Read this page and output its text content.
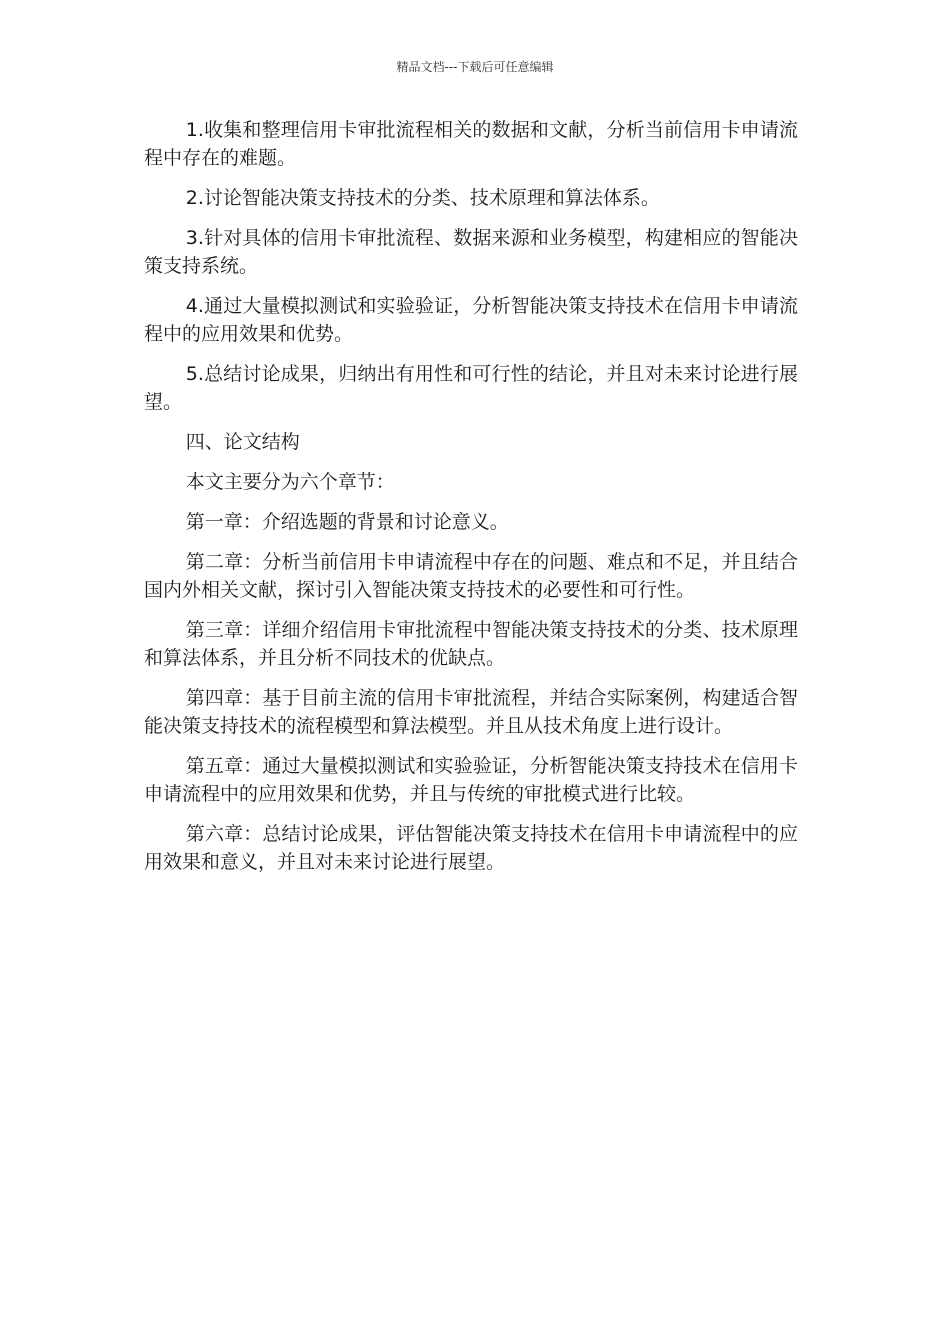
精品文档---下载后可任意编辑

1.收集和整理信用卡审批流程相关的数据和文献，分析当前信用卡申请流程中存在的难题。

2.讨论智能决策支持技术的分类、技术原理和算法体系。

3.针对具体的信用卡审批流程、数据来源和业务模型，构建相应的智能决策支持系统。

4.通过大量模拟测试和实验验证，分析智能决策支持技术在信用卡申请流程中的应用效果和优势。

5.总结讨论成果，归纳出有用性和可行性的结论，并且对未来讨论进行展望。

四、论文结构

本文主要分为六个章节：

第一章：介绍选题的背景和讨论意义。

第二章：分析当前信用卡申请流程中存在的问题、难点和不足，并且结合国内外相关文献，探讨引入智能决策支持技术的必要性和可行性。

第三章：详细介绍信用卡审批流程中智能决策支持技术的分类、技术原理和算法体系，并且分析不同技术的优缺点。

第四章：基于目前主流的信用卡审批流程，并结合实际案例，构建适合智能决策支持技术的流程模型和算法模型。并且从技术角度上进行设计。

第五章：通过大量模拟测试和实验验证，分析智能决策支持技术在信用卡申请流程中的应用效果和优势，并且与传统的审批模式进行比较。

第六章：总结讨论成果，评估智能决策支持技术在信用卡申请流程中的应用效果和意义，并且对未来讨论进行展望。
